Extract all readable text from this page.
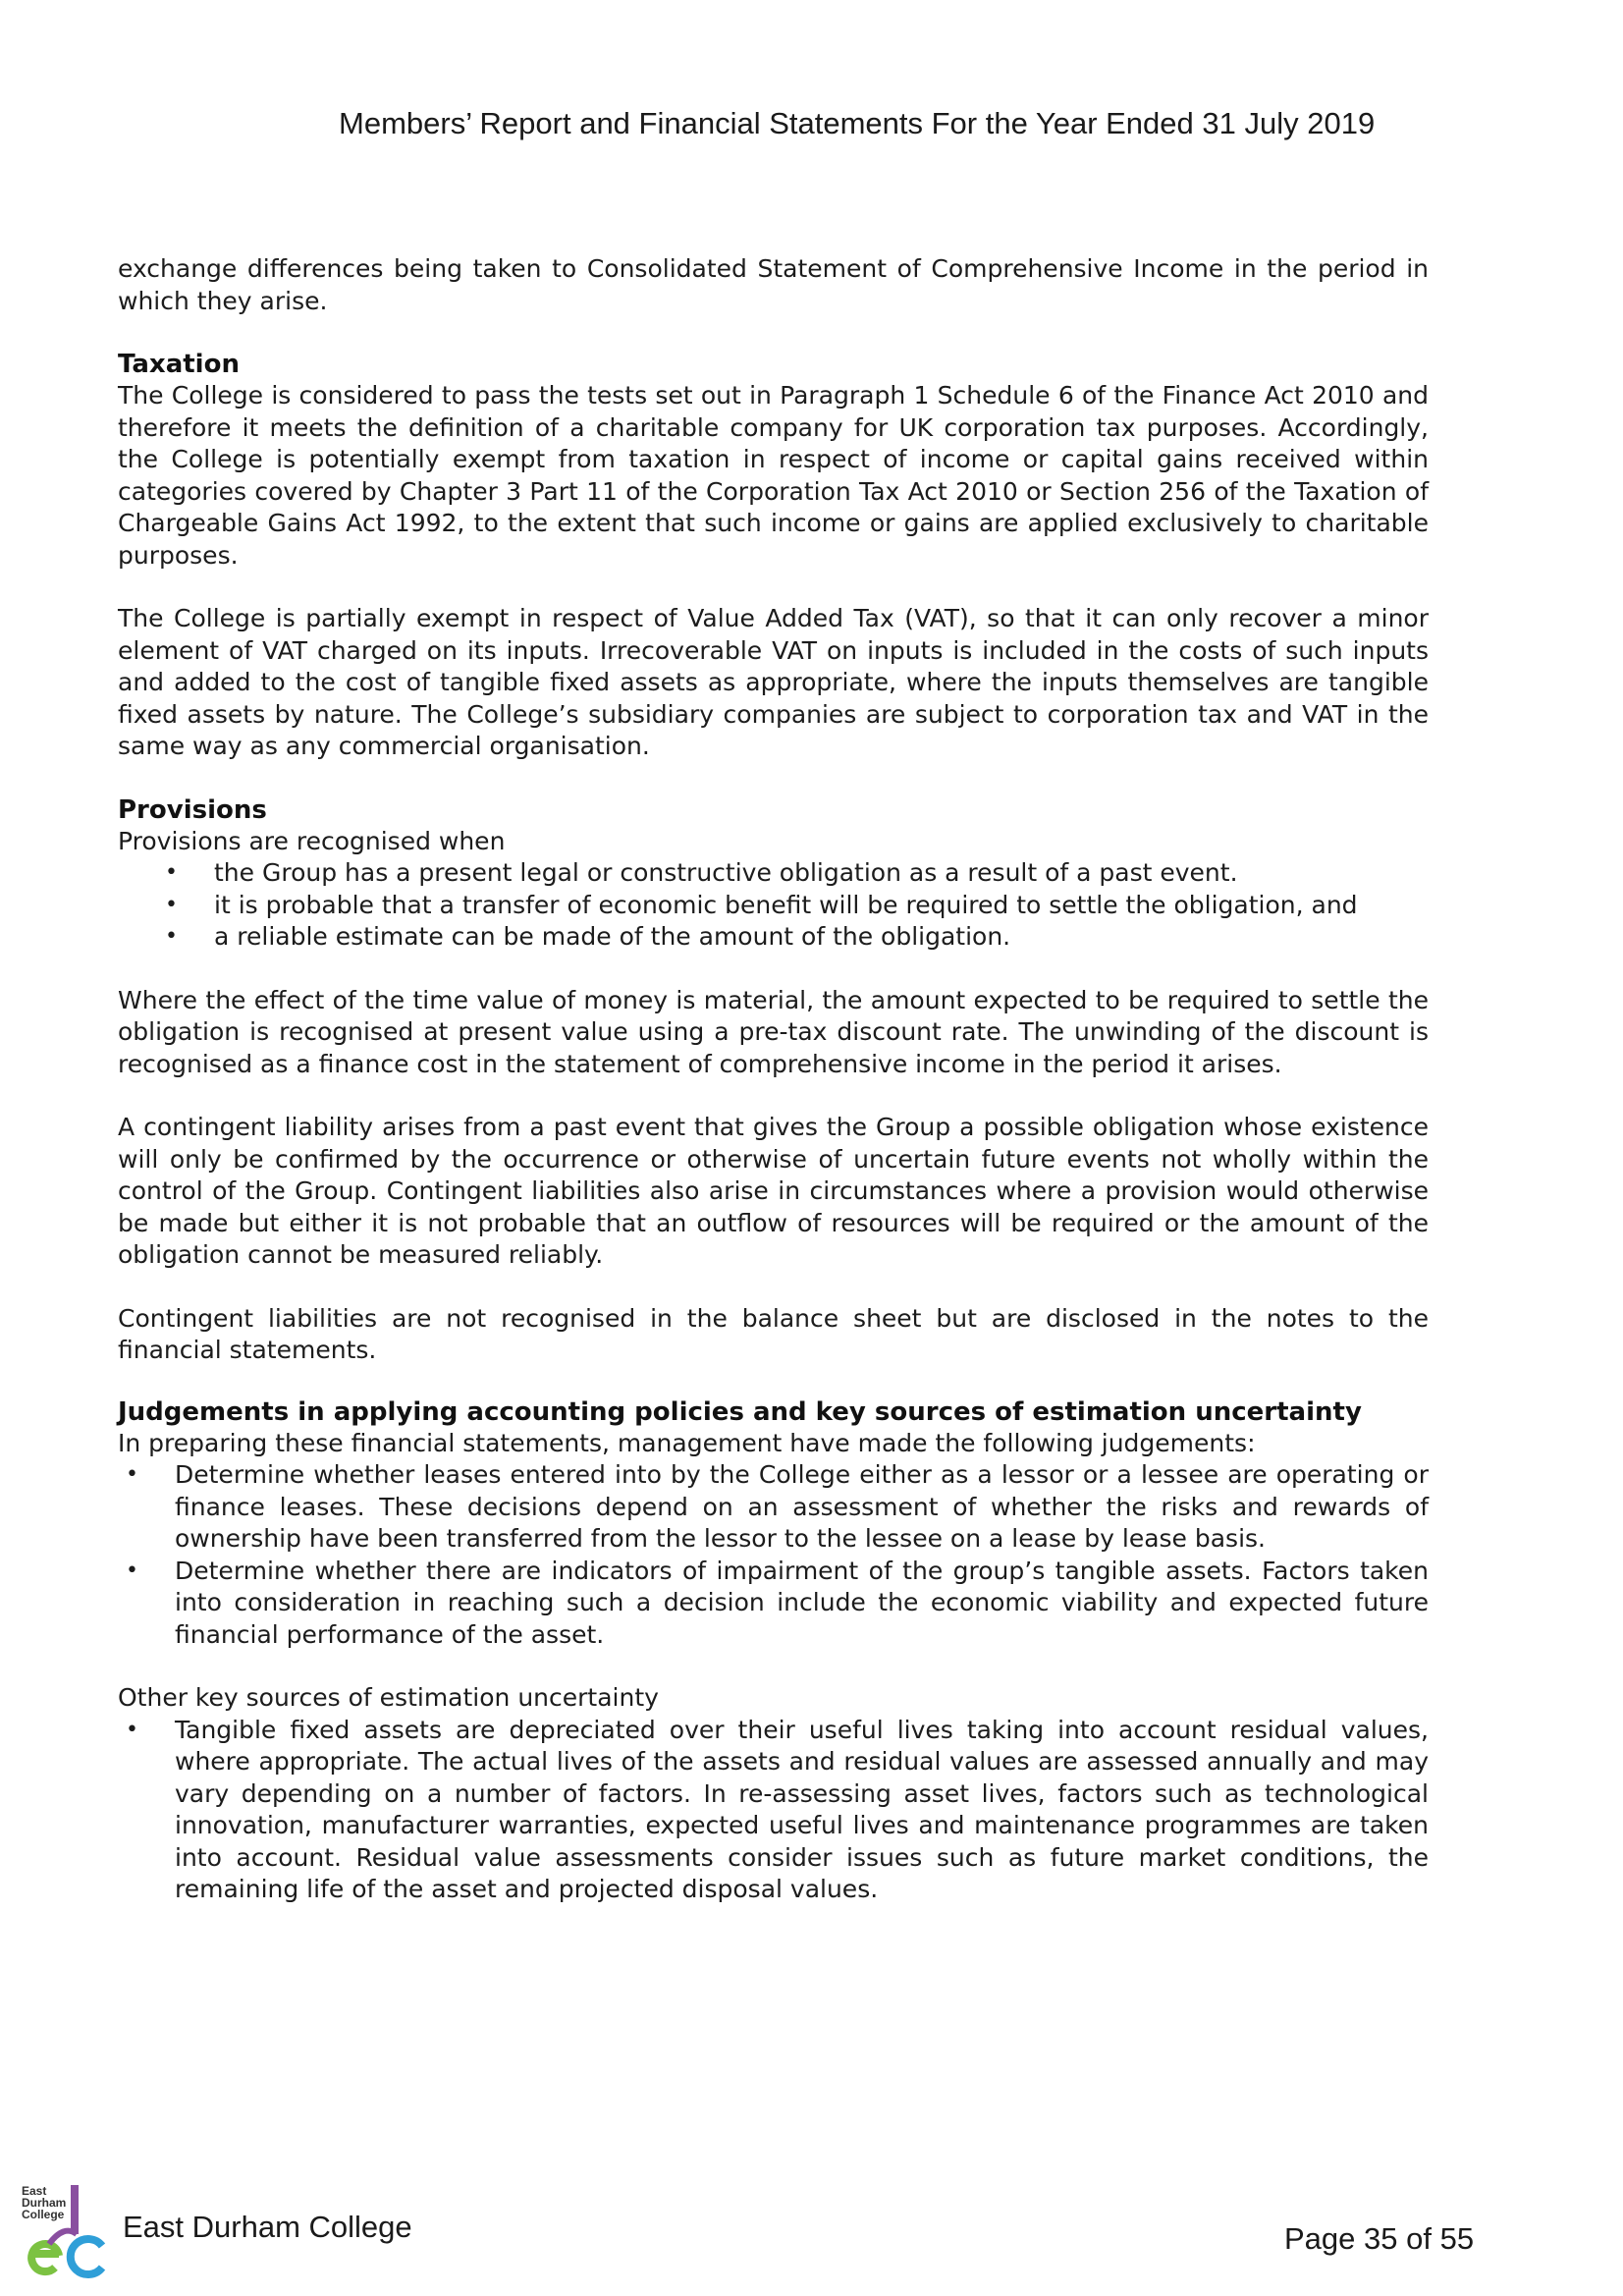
Members’ Report and Financial Statements For the Year Ended 31 July 2019

exchange differences being taken to Consolidated Statement of Comprehensive Income in the period in which they arise.

Taxation

The College is considered to pass the tests set out in Paragraph 1 Schedule 6 of the Finance Act 2010 and therefore it meets the definition of a charitable company for UK corporation tax purposes. Accordingly, the College is potentially exempt from taxation in respect of income or capital gains received within categories covered by Chapter 3 Part 11 of the Corporation Tax Act 2010 or Section 256 of the Taxation of Chargeable Gains Act 1992, to the extent that such income or gains are applied exclusively to charitable purposes.

The College is partially exempt in respect of Value Added Tax (VAT), so that it can only recover a minor element of VAT charged on its inputs. Irrecoverable VAT on inputs is included in the costs of such inputs and added to the cost of tangible fixed assets as appropriate, where the inputs themselves are tangible fixed assets by nature. The College’s subsidiary companies are subject to corporation tax and VAT in the same way as any commercial organisation.

Provisions

Provisions are recognised when

• the Group has a present legal or constructive obligation as a result of a past event.
• it is probable that a transfer of economic benefit will be required to settle the obligation, and
• a reliable estimate can be made of the amount of the obligation.

Where the effect of the time value of money is material, the amount expected to be required to settle the obligation is recognised at present value using a pre-tax discount rate. The unwinding of the discount is recognised as a finance cost in the statement of comprehensive income in the period it arises.

A contingent liability arises from a past event that gives the Group a possible obligation whose existence will only be confirmed by the occurrence or otherwise of uncertain future events not wholly within the control of the Group. Contingent liabilities also arise in circumstances where a provision would otherwise be made but either it is not probable that an outflow of resources will be required or the amount of the obligation cannot be measured reliably.

Contingent liabilities are not recognised in the balance sheet but are disclosed in the notes to the financial statements.

Judgements in applying accounting policies and key sources of estimation uncertainty

In preparing these financial statements, management have made the following judgements:

• Determine whether leases entered into by the College either as a lessor or a lessee are operating or finance leases. These decisions depend on an assessment of whether the risks and rewards of ownership have been transferred from the lessor to the lessee on a lease by lease basis.
• Determine whether there are indicators of impairment of the group’s tangible assets. Factors taken into consideration in reaching such a decision include the economic viability and expected future financial performance of the asset.

Other key sources of estimation uncertainty

• Tangible fixed assets are depreciated over their useful lives taking into account residual values, where appropriate. The actual lives of the assets and residual values are assessed annually and may vary depending on a number of factors. In re-assessing asset lives, factors such as technological innovation, manufacturer warranties, expected useful lives and maintenance programmes are taken into account. Residual value assessments consider issues such as future market conditions, the remaining life of the asset and projected disposal values.
East Durham College East Durham College	Page 35 of 55
